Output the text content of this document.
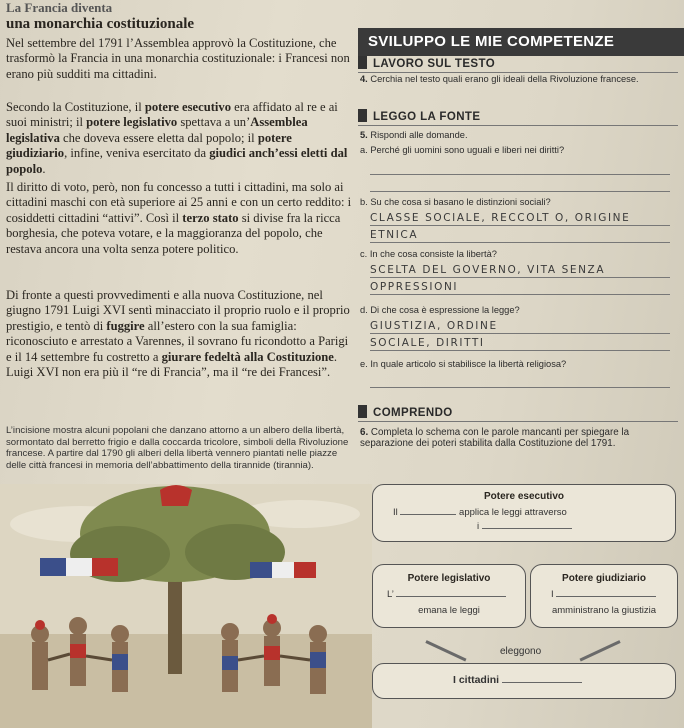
La Francia diventa
una monarchia costituzionale
Nel settembre del 1791 l’Assemblea approvò la Costituzione, che trasformò la Francia in una monarchia costituzionale: i Francesi non erano più sudditi ma cittadini.
Secondo la Costituzione, il potere esecutivo era affidato al re e ai suoi ministri; il potere legislativo spettava a un’Assemblea legislativa che doveva essere eletta dal popolo; il potere giudiziario, infine, veniva esercitato da giudici anch’essi eletti dal popolo.
Il diritto di voto, però, non fu concesso a tutti i cittadini, ma solo ai cittadini maschi con età superiore ai 25 anni e con un certo reddito: i cosiddetti cittadini “attivi”. Così il terzo stato si divise fra la ricca borghesia, che poteva votare, e la maggioranza del popolo, che restava ancora una volta senza potere politico.
Di fronte a questi provvedimenti e alla nuova Costituzione, nel giugno 1791 Luigi XVI sentì minacciato il proprio ruolo e il proprio prestigio, e tentò di fuggire all’estero con la sua famiglia: riconosciuto e arrestato a Varennes, il sovrano fu ricondotto a Parigi e il 14 settembre fu costretto a giurare fedeltà alla Costituzione. Luigi XVI non era più il “re di Francia”, ma il “re dei Francesi”.
L’incisione mostra alcuni popolani che danzano attorno a un albero della libertà, sormontato dal berretto frigio e dalla coccarda tricolore, simboli della Rivoluzione francese. A partire dal 1790 gli alberi della libertà vennero piantati nelle piazze delle città francesi in memoria dell’abbattimento della tirannide (tirannia).
SVILUPPO LE MIE COMPETENZE
LAVORO SUL TESTO
4. Cerchia nel testo quali erano gli ideali della Rivoluzione francese.
LEGGO LA FONTE
5. Rispondi alle domande.
a. Perché gli uomini sono uguali e liberi nei diritti?
b. Su che cosa si basano le distinzioni sociali?
CLASSE SOCIALE, RECCOLT O, ORIGINE
ETNICA
c. In che cosa consiste la libertà?
SCELTA DEL GOVERNO, VITA SENZA
OPPRESSIONI
d. Di che cosa è espressione la legge?
GIUSTIZIA, ORDINE
SOCIALE, DIRITTI
e. In quale articolo si stabilisce la libertà religiosa?
COMPRENDO
6. Completa lo schema con le parole mancanti per spiegare la separazione dei poteri stabilita dalla Costituzione del 1791.
Potere esecutivo
Il	applica le leggi attraverso
i
Potere legislativo
L’
emana le leggi
Potere giudiziario
I
amministrano la giustizia
eleggono
I cittadini
